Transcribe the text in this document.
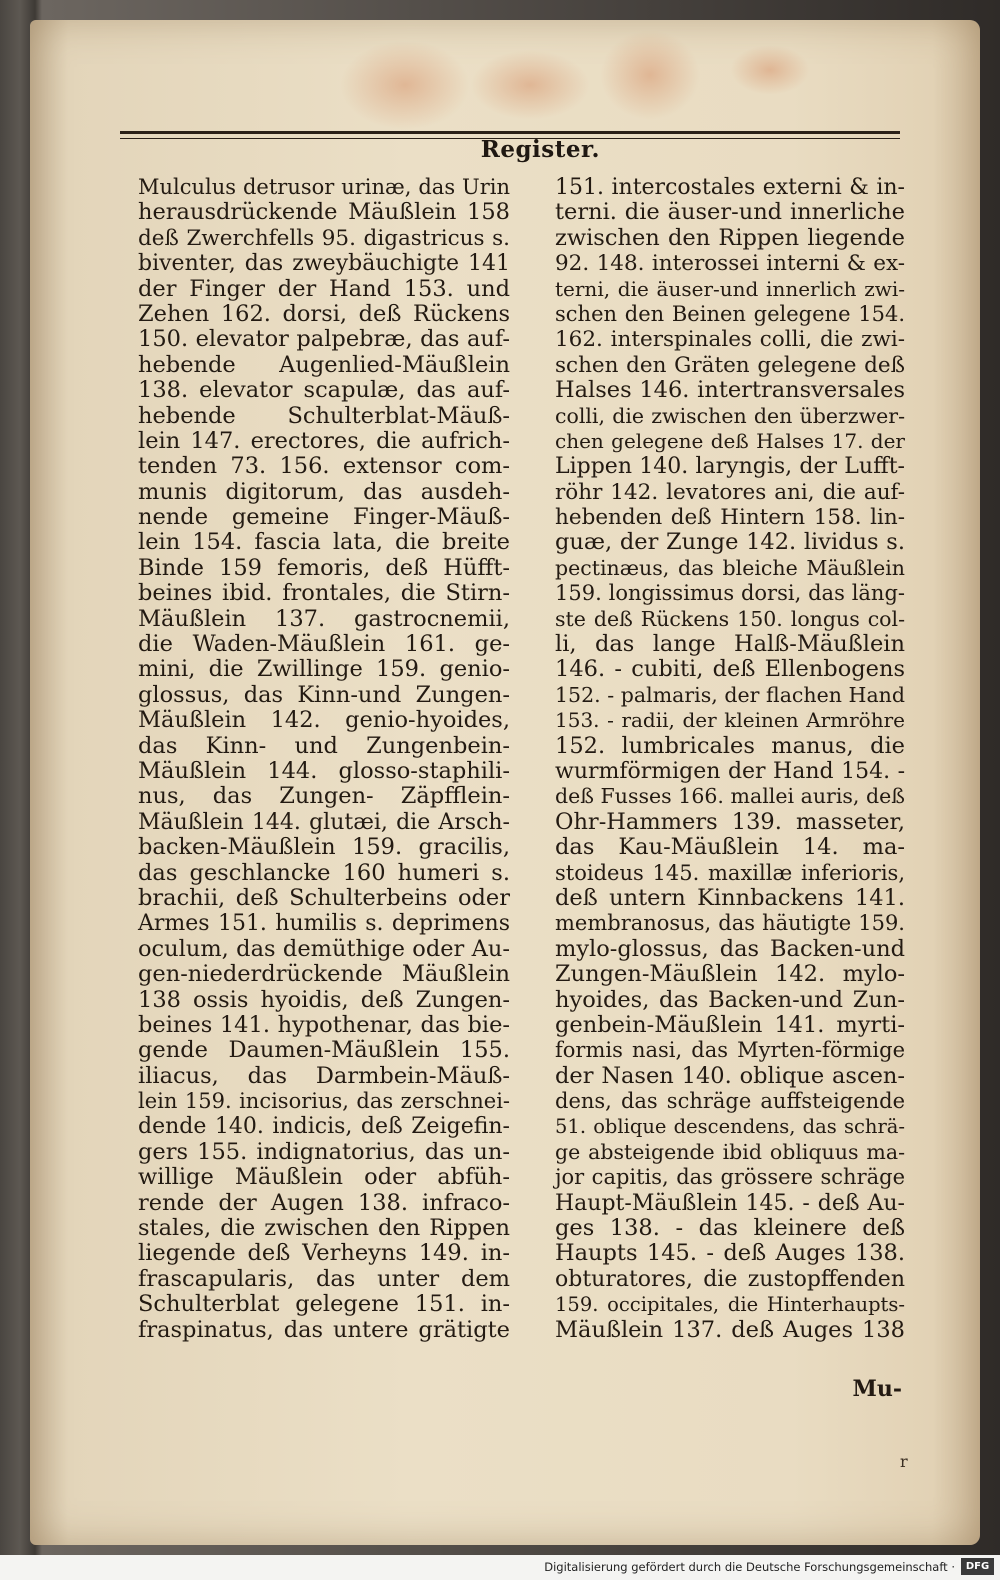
Register.
Mulculus detrusor urinæ, das Urin
herausdrückende Mäußlein 158
deß Zwerchfells 95. digastricus s.
biventer, das zweybäuchigte 141
der Finger der Hand 153. und
Zehen 162. dorsi, deß Rückens
150. elevator palpebræ, das auf-
hebende Augenlied-Mäußlein
138. elevator scapulæ, das auf-
hebende Schulterblat-Mäuß-
lein 147. erectores, die aufrich-
tenden 73. 156. extensor com-
munis digitorum, das ausdeh-
nende gemeine Finger-Mäuß-
lein 154. fascia lata, die breite
Binde 159 femoris, deß Hüfft-
beines ibid. frontales, die Stirn-
Mäußlein 137. gastrocnemii,
die Waden-Mäußlein 161. ge-
mini, die Zwillinge 159. genio-
glossus, das Kinn-und Zungen-
Mäußlein 142. genio-hyoides,
das Kinn- und Zungenbein-
Mäußlein 144. glosso-staphili-
nus, das Zungen- Zäpfflein-
Mäußlein 144. glutæi, die Arsch-
backen-Mäußlein 159. gracilis,
das geschlancke 160 humeri s.
brachii, deß Schulterbeins oder
Armes 151. humilis s. deprimens
oculum, das demüthige oder Au-
gen-niederdrückende Mäußlein
138 ossis hyoidis, deß Zungen-
beines 141. hypothenar, das bie-
gende Daumen-Mäußlein 155.
iliacus, das Darmbein-Mäuß-
lein 159. incisorius, das zerschnei-
dende 140. indicis, deß Zeigefin-
gers 155. indignatorius, das un-
willige Mäußlein oder abfüh-
rende der Augen 138. infraco-
stales, die zwischen den Rippen
liegende deß Verheyns 149. in-
frascapularis, das unter dem
Schulterblat gelegene 151. in-
fraspinatus, das untere grätigte
151. intercostales externi & in-
terni. die äuser-und innerliche
zwischen den Rippen liegende
92. 148. interossei interni & ex-
terni, die äuser-und innerlich zwi-
schen den Beinen gelegene 154.
162. interspinales colli, die zwi-
schen den Gräten gelegene deß
Halses 146. intertransversales
colli, die zwischen den überzwer-
chen gelegene deß Halses 17. der
Lippen 140. laryngis, der Lufft-
röhr 142. levatores ani, die auf-
hebenden deß Hintern 158. lin-
guæ, der Zunge 142. lividus s.
pectinæus, das bleiche Mäußlein
159. longissimus dorsi, das läng-
ste deß Rückens 150. longus col-
li, das lange Halß-Mäußlein
146. - cubiti, deß Ellenbogens
152. - palmaris, der flachen Hand
153. - radii, der kleinen Armröhre
152. lumbricales manus, die
wurmförmigen der Hand 154. -
deß Fusses 166. mallei auris, deß
Ohr-Hammers 139. masseter,
das Kau-Mäußlein 14. ma-
stoideus 145. maxillæ inferioris,
deß untern Kinnbackens 141.
membranosus, das häutigte 159.
mylo-glossus, das Backen-und
Zungen-Mäußlein 142. mylo-
hyoides, das Backen-und Zun-
genbein-Mäußlein 141. myrti-
formis nasi, das Myrten-förmige
der Nasen 140. oblique ascen-
dens, das schräge auffsteigende
51. oblique descendens, das schrä-
ge absteigende ibid obliquus ma-
jor capitis, das grössere schräge
Haupt-Mäußlein 145. - deß Au-
ges 138. - das kleinere deß
Haupts 145. - deß Auges 138.
obturatores, die zustopffenden
159. occipitales, die Hinterhaupts-
Mäußlein 137. deß Auges 138
Mu-
r
Digitalisierung gefördert durch die Deutsche Forschungsgemeinschaft ·	DFG
